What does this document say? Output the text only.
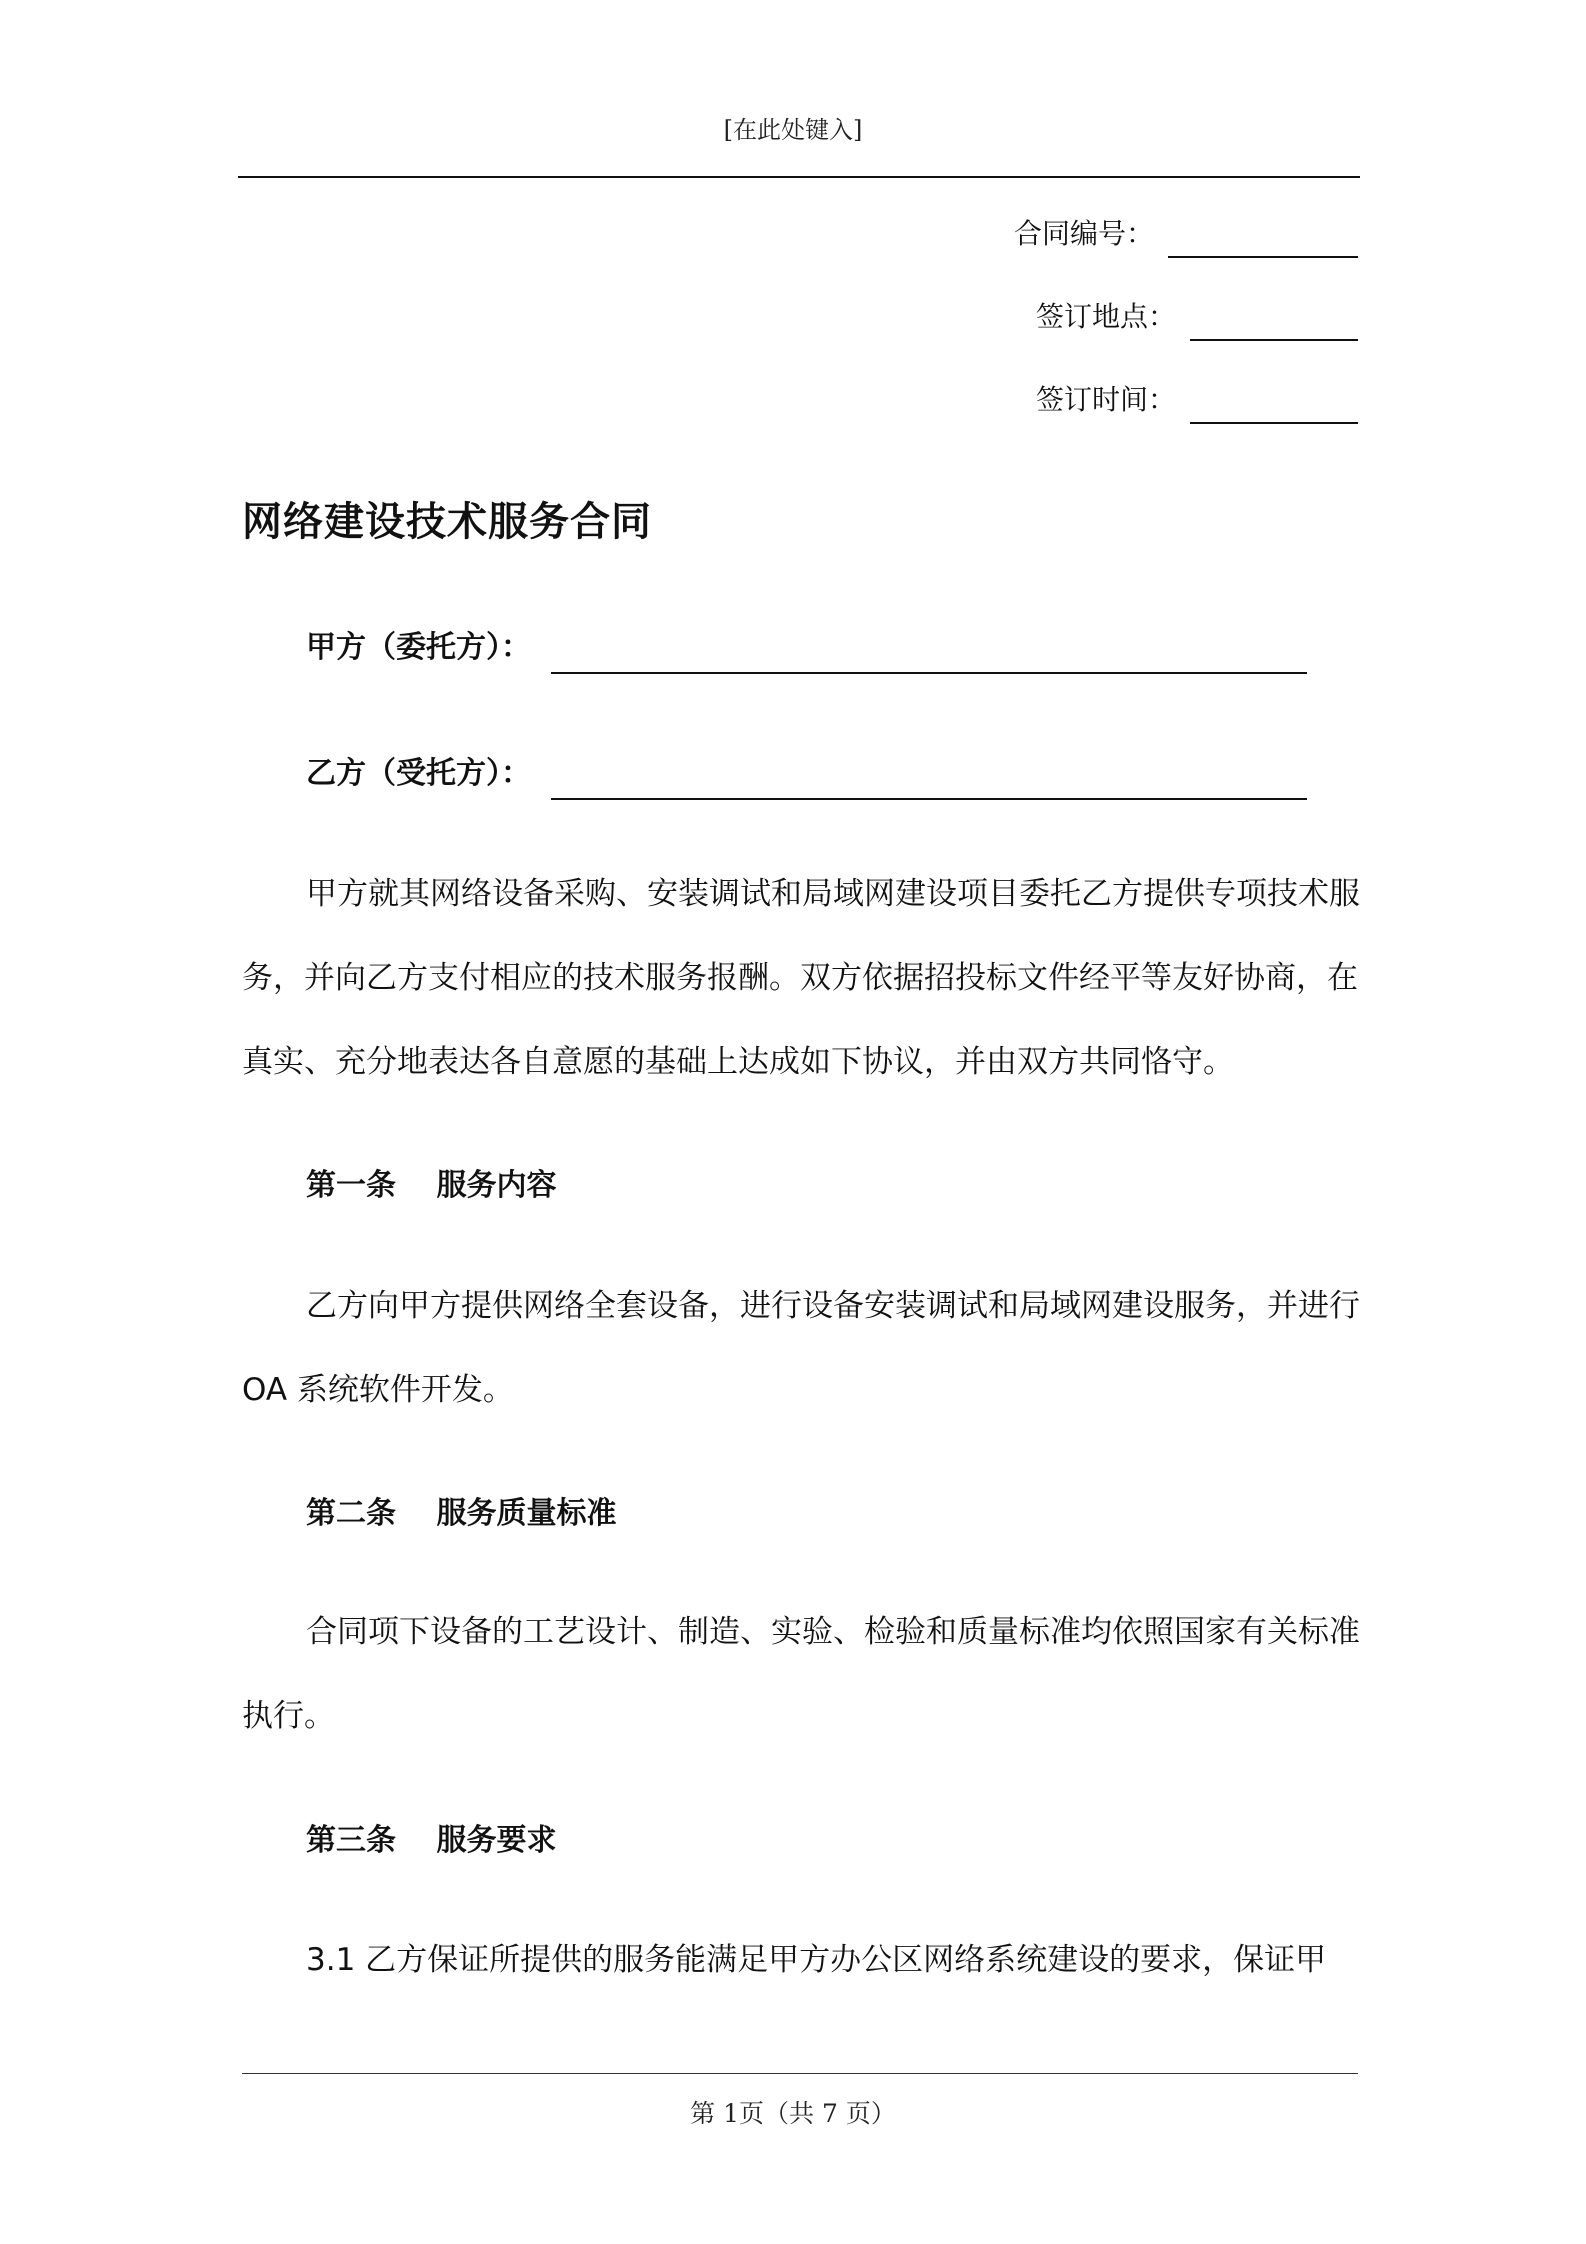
[在此处键入]
合同编号：
签订地点：
签订时间：
网络建设技术服务合同
甲方（委托方）：
乙方（受托方）：

甲方就其网络设备采购、安装调试和局域网建设项目委托乙方提供专项技术服务，并向乙方支付相应的技术服务报酬。双方依据招投标文件经平等友好协商，在真实、充分地表达各自意愿的基础上达成如下协议，并由双方共同恪守。

第一条　 服务内容

乙方向甲方提供网络全套设备，进行设备安装调试和局域网建设服务，并进行 OA 系统软件开发。

第二条　 服务质量标准

合同项下设备的工艺设计、制造、实验、检验和质量标准均依照国家有关标准执行。

第三条　 服务要求

3.1 乙方保证所提供的服务能满足甲方办公区网络系统建设的要求，保证甲

第 1页（共 7 页）
